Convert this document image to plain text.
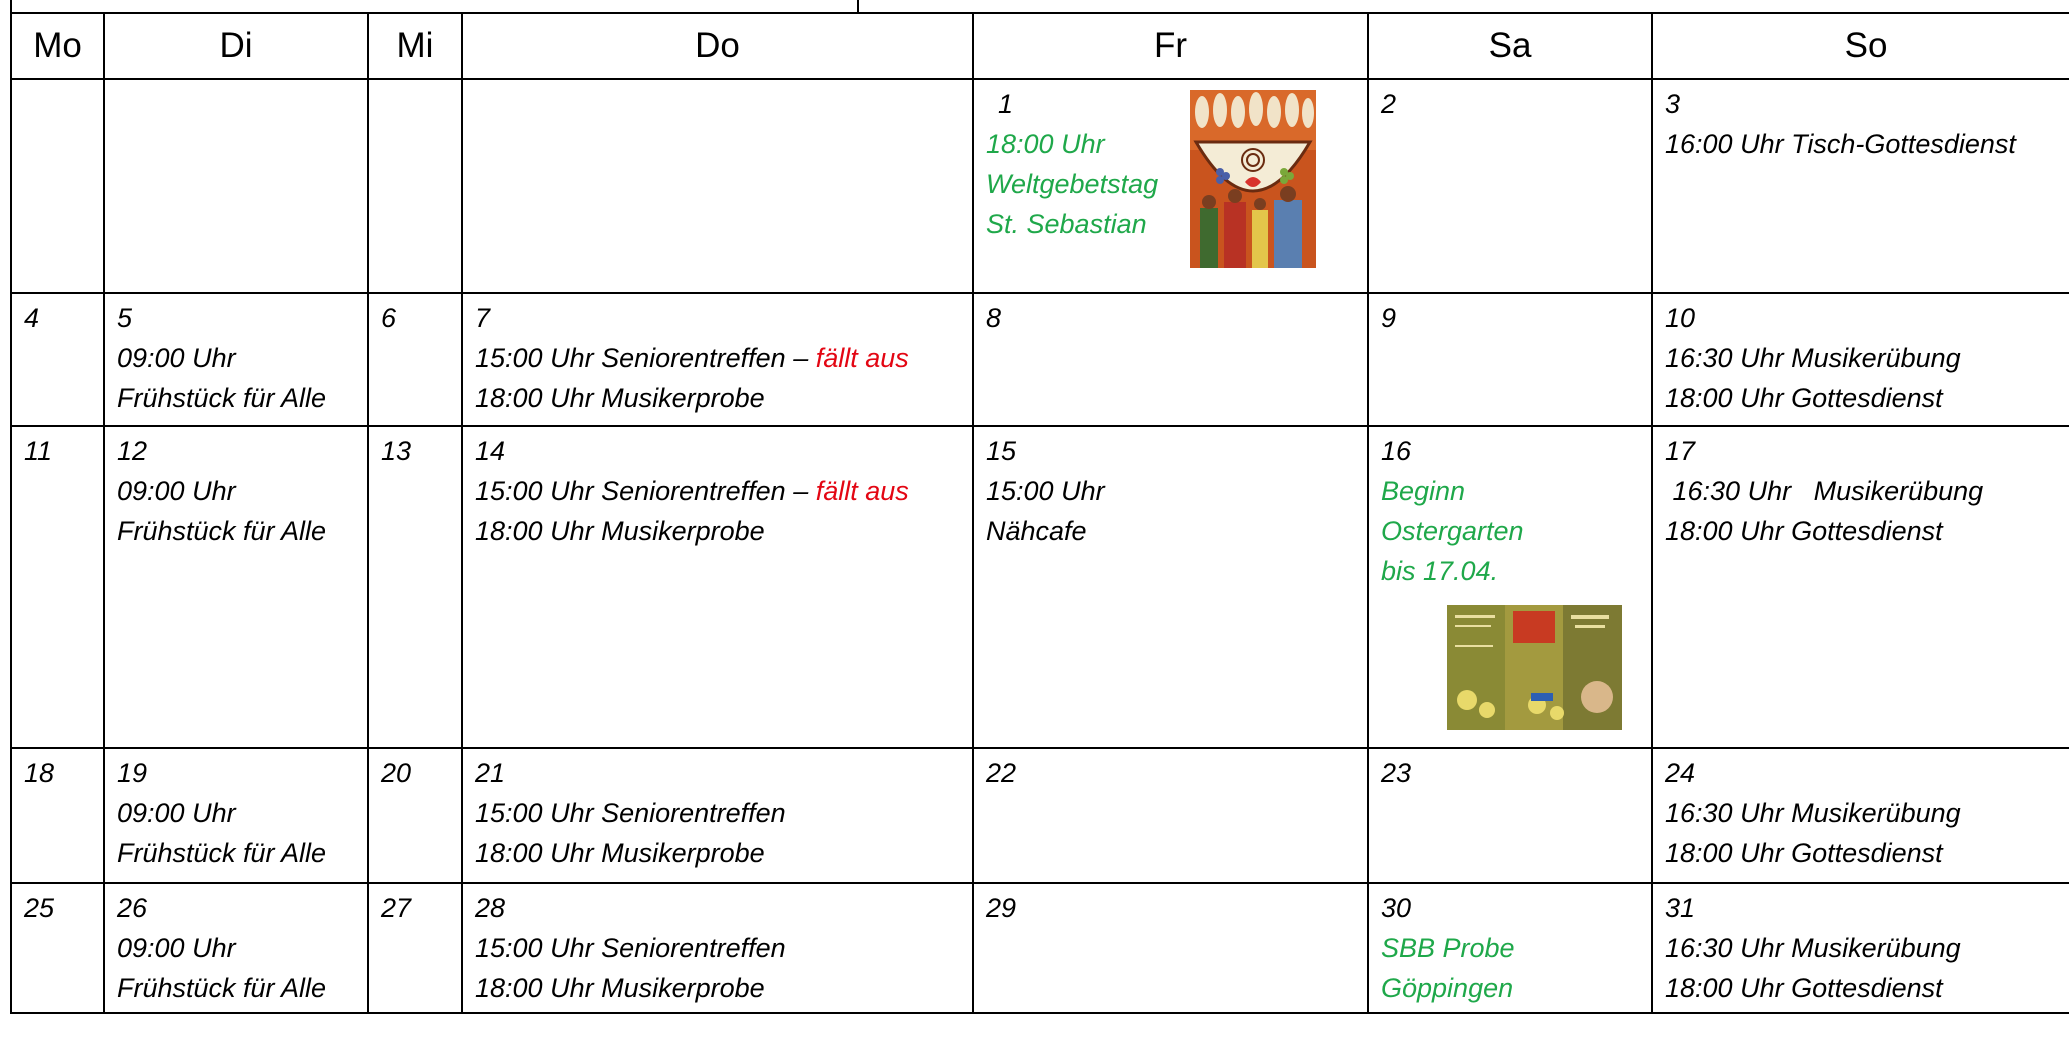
Mo	Di	Mi	Do	Fr	Sa	So

				1
18:00 Uhr
Weltgebetstag
St. Sebastian	2	3
16:00 Uhr Tisch-Gottesdienst

4	5
09:00 Uhr
Frühstück für Alle	6	7
15:00 Uhr Seniorentreffen – fällt aus
18:00 Uhr Musikerprobe	8	9	10
16:30 Uhr Musikerübung
18:00 Uhr Gottesdienst

11	12
09:00 Uhr
Frühstück für Alle	13	14
15:00 Uhr Seniorentreffen – fällt aus
18:00 Uhr Musikerprobe	15
15:00 Uhr
Nähcafe	16
Beginn
Ostergarten
bis 17.04.	17
16:30 Uhr   Musikerübung
18:00 Uhr Gottesdienst

18	19
09:00 Uhr
Frühstück für Alle	20	21
15:00 Uhr Seniorentreffen
18:00 Uhr Musikerprobe	22	23	24
16:30 Uhr Musikerübung
18:00 Uhr Gottesdienst

25	26
09:00 Uhr
Frühstück für Alle	27	28
15:00 Uhr Seniorentreffen
18:00 Uhr Musikerprobe	29	30
SBB Probe
Göppingen	31
16:30 Uhr Musikerübung
18:00 Uhr Gottesdienst
